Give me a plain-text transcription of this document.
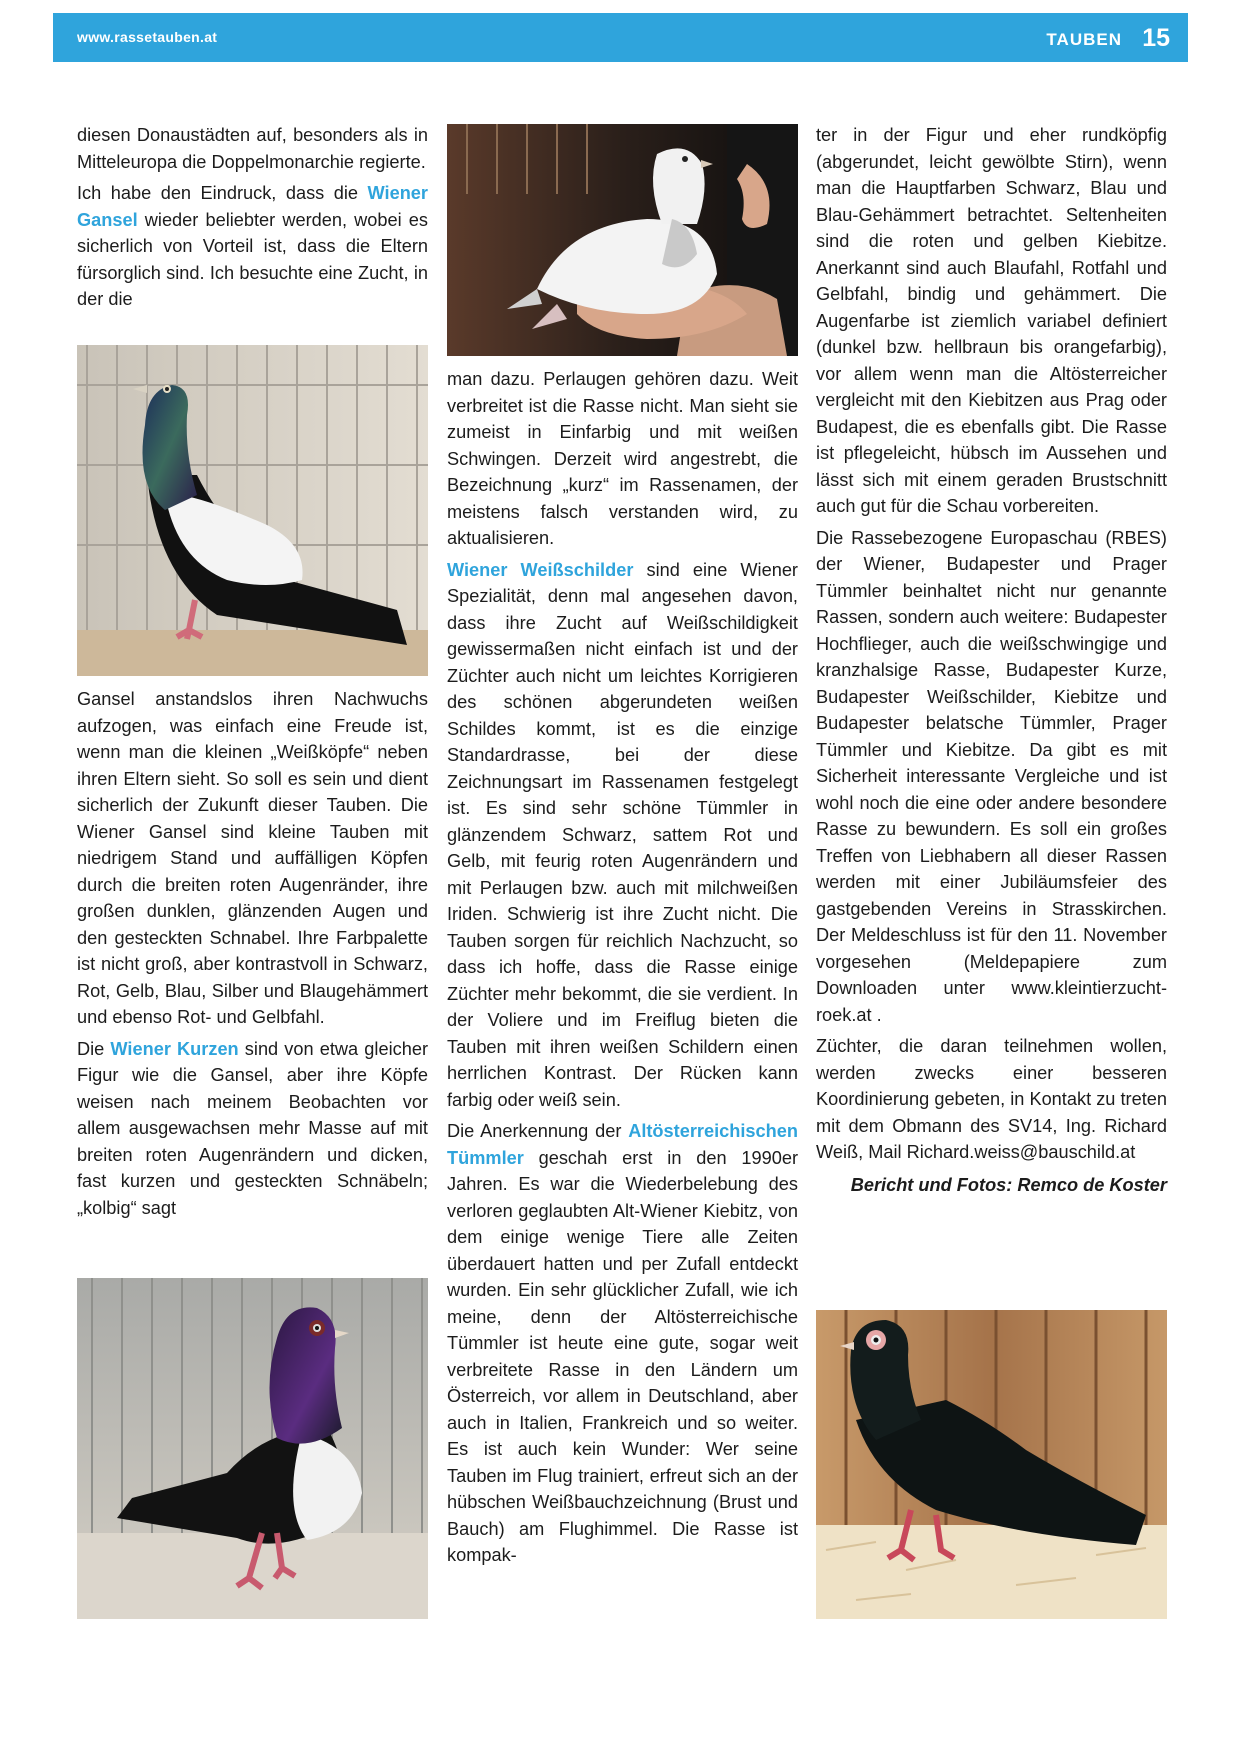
www.rassetauben.at	TAUBEN 15

diesen Donaustädten auf, besonders als in Mitteleuropa die Doppelmonarchie regierte.

Ich habe den Eindruck, dass die Wiener Gansel wieder beliebter werden, wobei es sicherlich von Vorteil ist, dass die Eltern fürsorglich sind. Ich besuchte eine Zucht, in der die

Gansel anstandslos ihren Nachwuchs aufzogen, was einfach eine Freude ist, wenn man die kleinen „Weißköpfe“ neben ihren Eltern sieht. So soll es sein und dient sicherlich der Zukunft dieser Tauben. Die Wiener Gansel sind kleine Tauben mit niedrigem Stand und auffälligen Köpfen durch die breiten roten Augenränder, ihre großen dunklen, glänzenden Augen und den gesteckten Schnabel. Ihre Farbpalette ist nicht groß, aber kontrastvoll in Schwarz, Rot, Gelb, Blau, Silber und Blaugehämmert und ebenso Rot- und Gelbfahl.

Die Wiener Kurzen sind von etwa gleicher Figur wie die Gansel, aber ihre Köpfe weisen nach meinem Beobachten vor allem ausgewachsen mehr Masse auf mit breiten roten Augenrändern und dicken, fast kurzen und gesteckten Schnäbeln; „kolbig“ sagt

man dazu. Perlaugen gehören dazu. Weit verbreitet ist die Rasse nicht. Man sieht sie zumeist in Einfarbig und mit weißen Schwingen. Derzeit wird angestrebt, die Bezeichnung „kurz“ im Rassenamen, der meistens falsch verstanden wird, zu aktualisieren.

Wiener Weißschilder sind eine Wiener Spezialität, denn mal angesehen davon, dass ihre Zucht auf Weißschildigkeit gewissermaßen nicht einfach ist und der Züchter auch nicht um leichtes Korrigieren des schönen abgerundeten weißen Schildes kommt, ist es die einzige Standardrasse, bei der diese Zeichnungsart im Rassenamen festgelegt ist. Es sind sehr schöne Tümmler in glänzendem Schwarz, sattem Rot und Gelb, mit feurig roten Augenrändern und mit Perlaugen bzw. auch mit milchweißen Iriden. Schwierig ist ihre Zucht nicht. Die Tauben sorgen für reichlich Nachzucht, so dass ich hoffe, dass die Rasse einige Züchter mehr bekommt, die sie verdient. In der Voliere und im Freiflug bieten die Tauben mit ihren weißen Schildern einen herrlichen Kontrast. Der Rücken kann farbig oder weiß sein.

Die Anerkennung der Altösterreichischen Tümmler geschah erst in den 1990er Jahren. Es war die Wiederbelebung des verloren geglaubten Alt-Wiener Kiebitz, von dem einige wenige Tiere alle Zeiten überdauert hatten und per Zufall entdeckt wurden. Ein sehr glücklicher Zufall, wie ich meine, denn der Altösterreichische Tümmler ist heute eine gute, sogar weit verbreitete Rasse in den Ländern um Österreich, vor allem in Deutschland, aber auch in Italien, Frankreich und so weiter. Es ist auch kein Wunder: Wer seine Tauben im Flug trainiert, erfreut sich an der hübschen Weißbauchzeichnung (Brust und Bauch) am Flughimmel. Die Rasse ist kompak-

ter in der Figur und eher rundköpfig (abgerundet, leicht gewölbte Stirn), wenn man die Hauptfarben Schwarz, Blau und Blau-Gehämmert betrachtet. Seltenheiten sind die roten und gelben Kiebitze. Anerkannt sind auch Blaufahl, Rotfahl und Gelbfahl, bindig und gehämmert. Die Augenfarbe ist ziemlich variabel definiert (dunkel bzw. hellbraun bis orangefarbig), vor allem wenn man die Altösterreicher vergleicht mit den Kiebitzen aus Prag oder Budapest, die es ebenfalls gibt. Die Rasse ist pflegeleicht, hübsch im Aussehen und lässt sich mit einem geraden Brustschnitt auch gut für die Schau vorbereiten.

Die Rassebezogene Europaschau (RBES) der Wiener, Budapester und Prager Tümmler beinhaltet nicht nur genannte Rassen, sondern auch weitere: Budapester Hochflieger, auch die weißschwingige und kranzhalsige Rasse, Budapester Kurze, Budapester Weißschilder, Kiebitze und Budapester belatsche Tümmler, Prager Tümmler und Kiebitze. Da gibt es mit Sicherheit interessante Vergleiche und ist wohl noch die eine oder andere besondere Rasse zu bewundern. Es soll ein großes Treffen von Liebhabern all dieser Rassen werden mit einer Jubiläumsfeier des gastgebenden Vereins in Strasskirchen. Der Meldeschluss ist für den 11. November vorgesehen (Meldepapiere zum Downloaden unter www.kleintierzucht-roek.at .

Züchter, die daran teilnehmen wollen, werden zwecks einer besseren Koordinierung gebeten, in Kontakt zu treten mit dem Obmann des SV14, Ing. Richard Weiß, Mail Richard.weiss@bauschild.at

Bericht und Fotos: Remco de Koster
